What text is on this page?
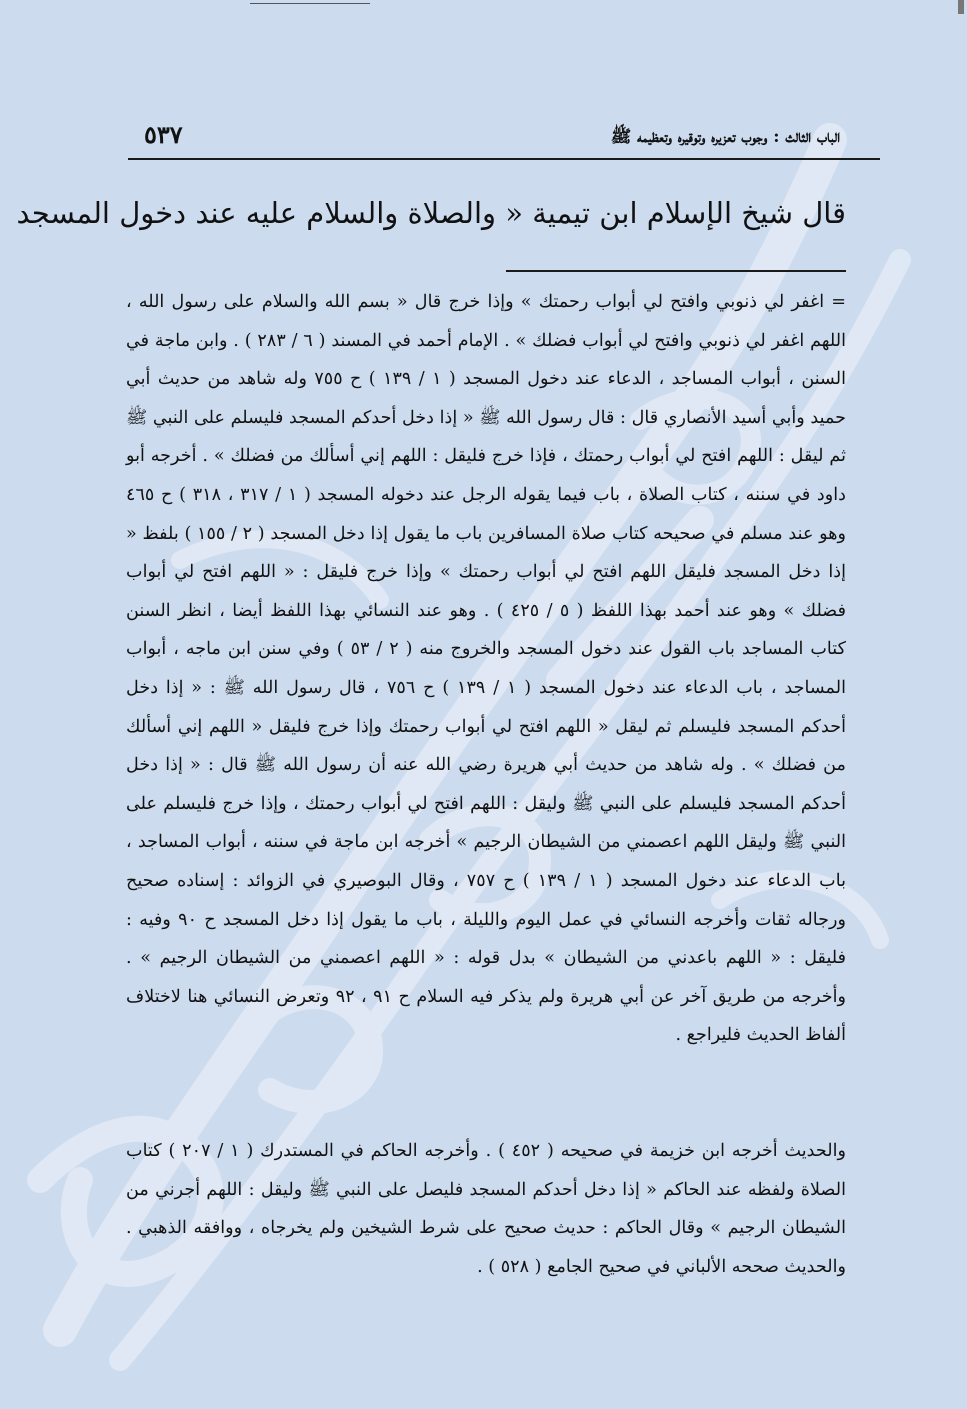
الباب الثالث : وجوب تعزيره وتوقيره وتعظيمه ﷺ
٥٣٧
قال شيخ الإسلام ابن تيمية « والصلاة والسلام عليه عند دخول المسجد

= اغفر لي ذنوبي وافتح لي أبواب رحمتك » وإذا خرج قال « بسم الله والسلام على رسول الله ، اللهم اغفر لي ذنوبي وافتح لي أبواب فضلك » . الإمام أحمد في المسند ( ٦ / ٢٨٣ ) . وابن ماجة في السنن ، أبواب المساجد ، الدعاء عند دخول المسجد ( ١ / ١٣٩ ) ح ٧٥٥ وله شاهد من حديث أبي حميد وأبي أسيد الأنصاري قال : قال رسول الله ﷺ « إذا دخل أحدكم المسجد فليسلم على النبي ﷺ ثم ليقل : اللهم افتح لي أبواب رحمتك ، فإذا خرج فليقل : اللهم إني أسألك من فضلك » . أخرجه أبو داود في سننه ، كتاب الصلاة ، باب فيما يقوله الرجل عند دخوله المسجد ( ١ / ٣١٧ ، ٣١٨ ) ح ٤٦٥ وهو عند مسلم في صحيحه كتاب صلاة المسافرين باب ما يقول إذا دخل المسجد ( ٢ / ١٥٥ ) بلفظ « إذا دخل المسجد فليقل اللهم افتح لي أبواب رحمتك » وإذا خرج فليقل : « اللهم افتح لي أبواب فضلك » وهو عند أحمد بهذا اللفظ ( ٥ / ٤٢٥ ) . وهو عند النسائي بهذا اللفظ أيضا ، انظر السنن كتاب المساجد باب القول عند دخول المسجد والخروج منه ( ٢ / ٥٣ ) وفي سنن ابن ماجه ، أبواب المساجد ، باب الدعاء عند دخول المسجد ( ١ / ١٣٩ ) ح ٧٥٦ ، قال رسول الله ﷺ : « إذا دخل أحدكم المسجد فليسلم ثم ليقل « اللهم افتح لي أبواب رحمتك وإذا خرج فليقل « اللهم إني أسألك من فضلك » . وله شاهد من حديث أبي هريرة رضي الله عنه أن رسول الله ﷺ قال : « إذا دخل أحدكم المسجد فليسلم على النبي ﷺ وليقل : اللهم افتح لي أبواب رحمتك ، وإذا خرج فليسلم على النبي ﷺ وليقل اللهم اعصمني من الشيطان الرجيم » أخرجه ابن ماجة في سننه ، أبواب المساجد ، باب الدعاء عند دخول المسجد ( ١ / ١٣٩ ) ح ٧٥٧ ، وقال البوصيري في الزوائد : إسناده صحيح ورجاله ثقات وأخرجه النسائي في عمل اليوم والليلة ، باب ما يقول إذا دخل المسجد ح ٩٠ وفيه : فليقل : « اللهم باعدني من الشيطان » بدل قوله : « اللهم اعصمني من الشيطان الرجيم » . وأخرجه من طريق آخر عن أبي هريرة ولم يذكر فيه السلام ح ٩١ ، ٩٢ وتعرض النسائي هنا لاختلاف ألفاظ الحديث فليراجع .

والحديث أخرجه ابن خزيمة في صحيحه ( ٤٥٢ ) . وأخرجه الحاكم في المستدرك ( ١ / ٢٠٧ ) كتاب الصلاة ولفظه عند الحاكم « إذا دخل أحدكم المسجد فليصل على النبي ﷺ وليقل : اللهم أجرني من الشيطان الرجيم » وقال الحاكم : حديث صحيح على شرط الشيخين ولم يخرجاه ، ووافقه الذهبي . والحديث صححه الألباني في صحيح الجامع ( ٥٢٨ ) .
